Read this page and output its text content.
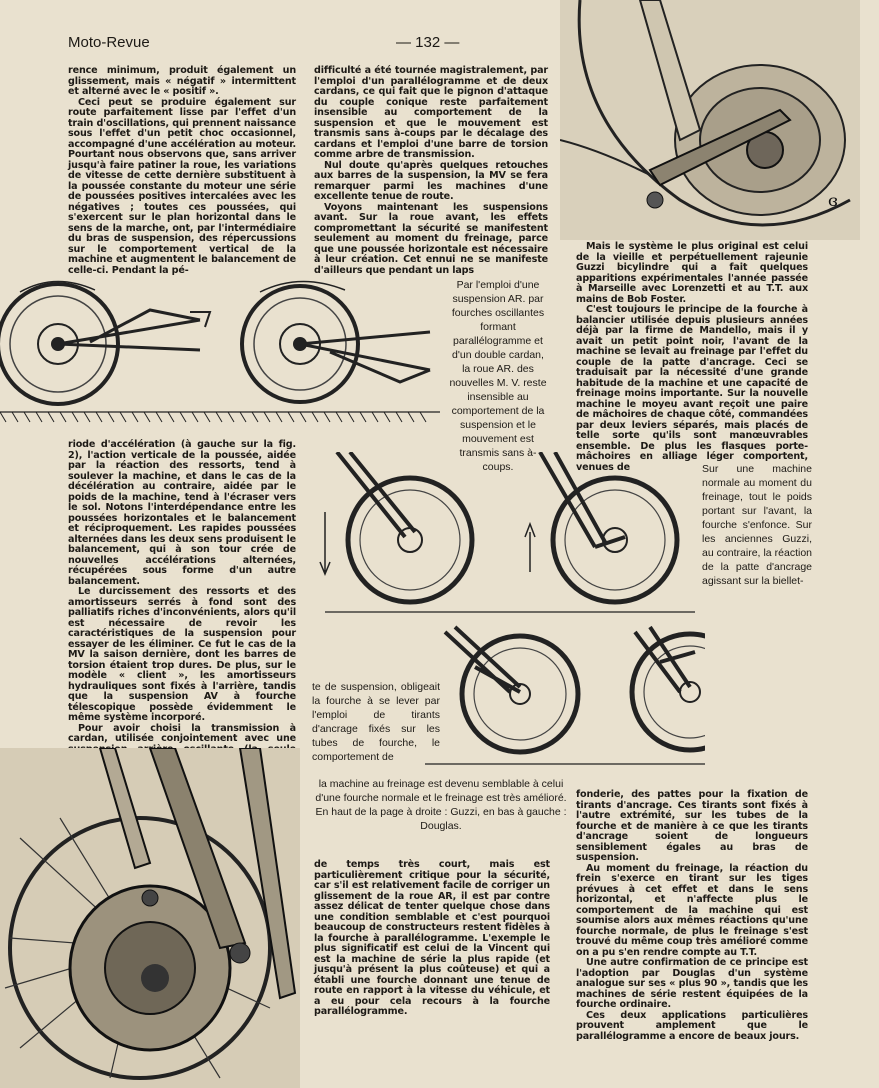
Moto-Revue	— 132 —
ɞ

rence minimum, produit également un glissement, mais « négatif » intermittent et alterné avec le « positif ».

Ceci peut se produire également sur route parfaitement lisse par l'effet d'un train d'oscillations, qui prennent naissance sous l'effet d'un petit choc occasionnel, accompagné d'une accélération au moteur. Pourtant nous observons que, sans arriver jusqu'à faire patiner la roue, les variations de vitesse de cette dernière substituent à la poussée constante du moteur une série de poussées positives intercalées avec les négatives ; toutes ces poussées, qui s'exercent sur le plan horizontal dans le sens de la marche, ont, par l'intermédiaire du bras de suspension, des répercussions sur le comportement vertical de la machine et augmentent le balancement de celle-ci. Pendant la pé-

difficulté a été tournée magistralement, par l'emploi d'un parallélogramme et de deux cardans, ce qui fait que le pignon d'attaque du couple conique reste parfaitement insensible au comportement de la suspension et que le mouvement est transmis sans à-coups par le décalage des cardans et l'emploi d'une barre de torsion comme arbre de transmission.

Nul doute qu'après quelques retouches aux barres de la suspension, la MV se fera remarquer parmi les machines d'une excellente tenue de route.

Voyons maintenant les suspensions avant. Sur la roue avant, les effets compromettant la sécurité se manifestent seulement au moment du freinage, parce que une poussée horizontale est nécessaire à leur création. Cet ennui ne se manifeste d'ailleurs que pendant un laps

Mais le système le plus original est celui de la vieille et perpétuellement rajeunie Guzzi bicylindre qui a fait quelques apparitions expérimentales l'année passée à Marseille avec Lorenzetti et au T.T. aux mains de Bob Foster.

C'est toujours le principe de la fourche à balancier utilisée depuis plusieurs années déjà par la firme de Mandello, mais il y avait un petit point noir, l'avant de la machine se levait au freinage par l'effet du couple de la patte d'ancrage. Ceci se traduisait par la nécessité d'une grande habitude de la machine et une capacité de freinage moins importante. Sur la nouvelle machine le moyeu avant reçoit une paire de mâchoires de chaque côté, commandées par deux leviers séparés, mais placés de telle sorte qu'ils sont manœuvrables ensemble. De plus les flasques porte-mâchoires en alliage léger comportent, venues de

Par l'emploi d'une suspension AR. par fourches oscillantes formant parallélogramme et d'un double cardan, la roue AR. des nouvelles M. V. reste insensible au comportement de la suspension et le mouvement est transmis sans à-coups.

riode d'accélération (à gauche sur la fig. 2), l'action verticale de la poussée, aidée par la réaction des ressorts, tend à soulever la machine, et dans le cas de la décélération au contraire, aidée par le poids de la machine, tend à l'écraser vers le sol. Notons l'interdépendance entre les poussées horizontales et le balancement et réciproquement. Les rapides poussées alternées dans les deux sens produisent le balancement, qui à son tour crée de nouvelles accélérations alternées, récupérées sous forme d'un autre balancement.

Le durcissement des ressorts et des amortisseurs serrés à fond sont des palliatifs riches d'inconvénients, alors qu'il est nécessaire de revoir les caractéristiques de la suspension pour essayer de les éliminer. Ce fut le cas de la MV la saison dernière, dont les barres de torsion étaient trop dures. De plus, sur le modèle « client », les amortisseurs hydrauliques sont fixés à l'arrière, tandis que la suspension AV à fourche télescopique possède évidemment le même système incorporé.

Pour avoir choisi la transmission à cardan, utilisée conjointement avec une

Sur une machine normale au moment du freinage, tout le poids portant sur l'avant, la fourche s'enfonce. Sur les anciennes Guzzi, au contraire, la réaction de la patte d'ancrage agissant sur la biellet-
te de suspension, obligeait la fourche à se lever par l'emploi de tirants d'ancrage fixés sur les tubes de fourche, le comportement de
la machine au freinage est devenu semblable à celui d'une fourche normale et le freinage est très amélioré. En haut de la page à droite : Guzzi, en bas à gauche : Douglas.

de temps très court, mais est particulièrement critique pour la sécurité, car s'il est relativement facile de corriger un glissement de la roue AR, il est par contre assez délicat de tenter quelque chose dans une condition semblable et c'est pourquoi beaucoup de constructeurs restent fidèles à la fourche à parallélogramme. L'exemple le plus significatif est celui de la Vincent qui est la machine de série la plus rapide (et jusqu'à présent la plus coûteuse) et qui a établi une fourche donnant une tenue de route en rapport à la vitesse du véhicule, et a eu pour cela recours à la fourche parallélogramme.

fonderie, des pattes pour la fixation de tirants d'ancrage. Ces tirants sont fixés à l'autre extrémité, sur les tubes de la fourche et de manière à ce que les tirants d'ancrage soient de longueurs sensiblement égales au bras de suspension.

Au moment du freinage, la réaction du frein s'exerce en tirant sur les tiges prévues à cet effet et dans le sens horizontal, et n'affecte plus le comportement de la machine qui est soumise alors aux mêmes réactions qu'une fourche normale, de plus le freinage s'est trouvé du même coup très amélioré comme on a pu s'en rendre compte au T.T.

Une autre confirmation de ce principe est l'adoption par Douglas d'un système analogue sur ses « plus 90 », tandis que les machines de série restent équipées de la fourche ordinaire.

Ces deux applications particulières prouvent amplement que le parallélogramme a encore de beaux jours.
